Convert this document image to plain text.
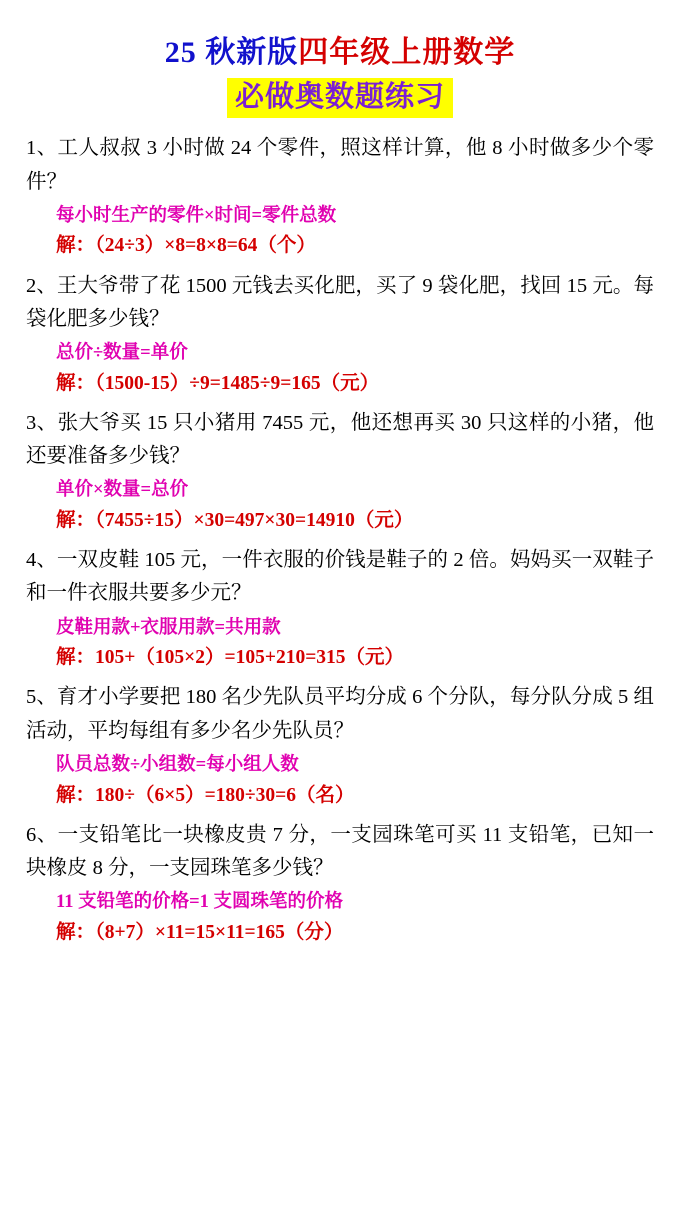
25 秋新版四年级上册数学
必做奥数题练习

1、工人叔叔 3 小时做 24 个零件，照这样计算，他 8 小时做多少个零件？

每小时生产的零件×时间=零件总数

解：（24÷3）×8=8×8=64（个）

2、王大爷带了花 1500 元钱去买化肥，买了 9 袋化肥，找回 15 元。每袋化肥多少钱？

总价÷数量=单价

解：（1500-15）÷9=1485÷9=165（元）

3、张大爷买 15 只小猪用 7455 元，他还想再买 30 只这样的小猪，他还要准备多少钱？

单价×数量=总价

解：（7455÷15）×30=497×30=14910（元）

4、一双皮鞋 105 元，一件衣服的价钱是鞋子的 2 倍。妈妈买一双鞋子和一件衣服共要多少元？

皮鞋用款+衣服用款=共用款

解：105+（105×2）=105+210=315（元）

5、育才小学要把 180 名少先队员平均分成 6 个分队，每分队分成 5 组活动，平均每组有多少名少先队员？

队员总数÷小组数=每小组人数

解：180÷（6×5）=180÷30=6（名）

6、一支铅笔比一块橡皮贵 7 分，一支园珠笔可买 11 支铅笔，已知一块橡皮 8 分，一支园珠笔多少钱？

11 支铅笔的价格=1 支圆珠笔的价格

解：（8+7）×11=15×11=165（分）
